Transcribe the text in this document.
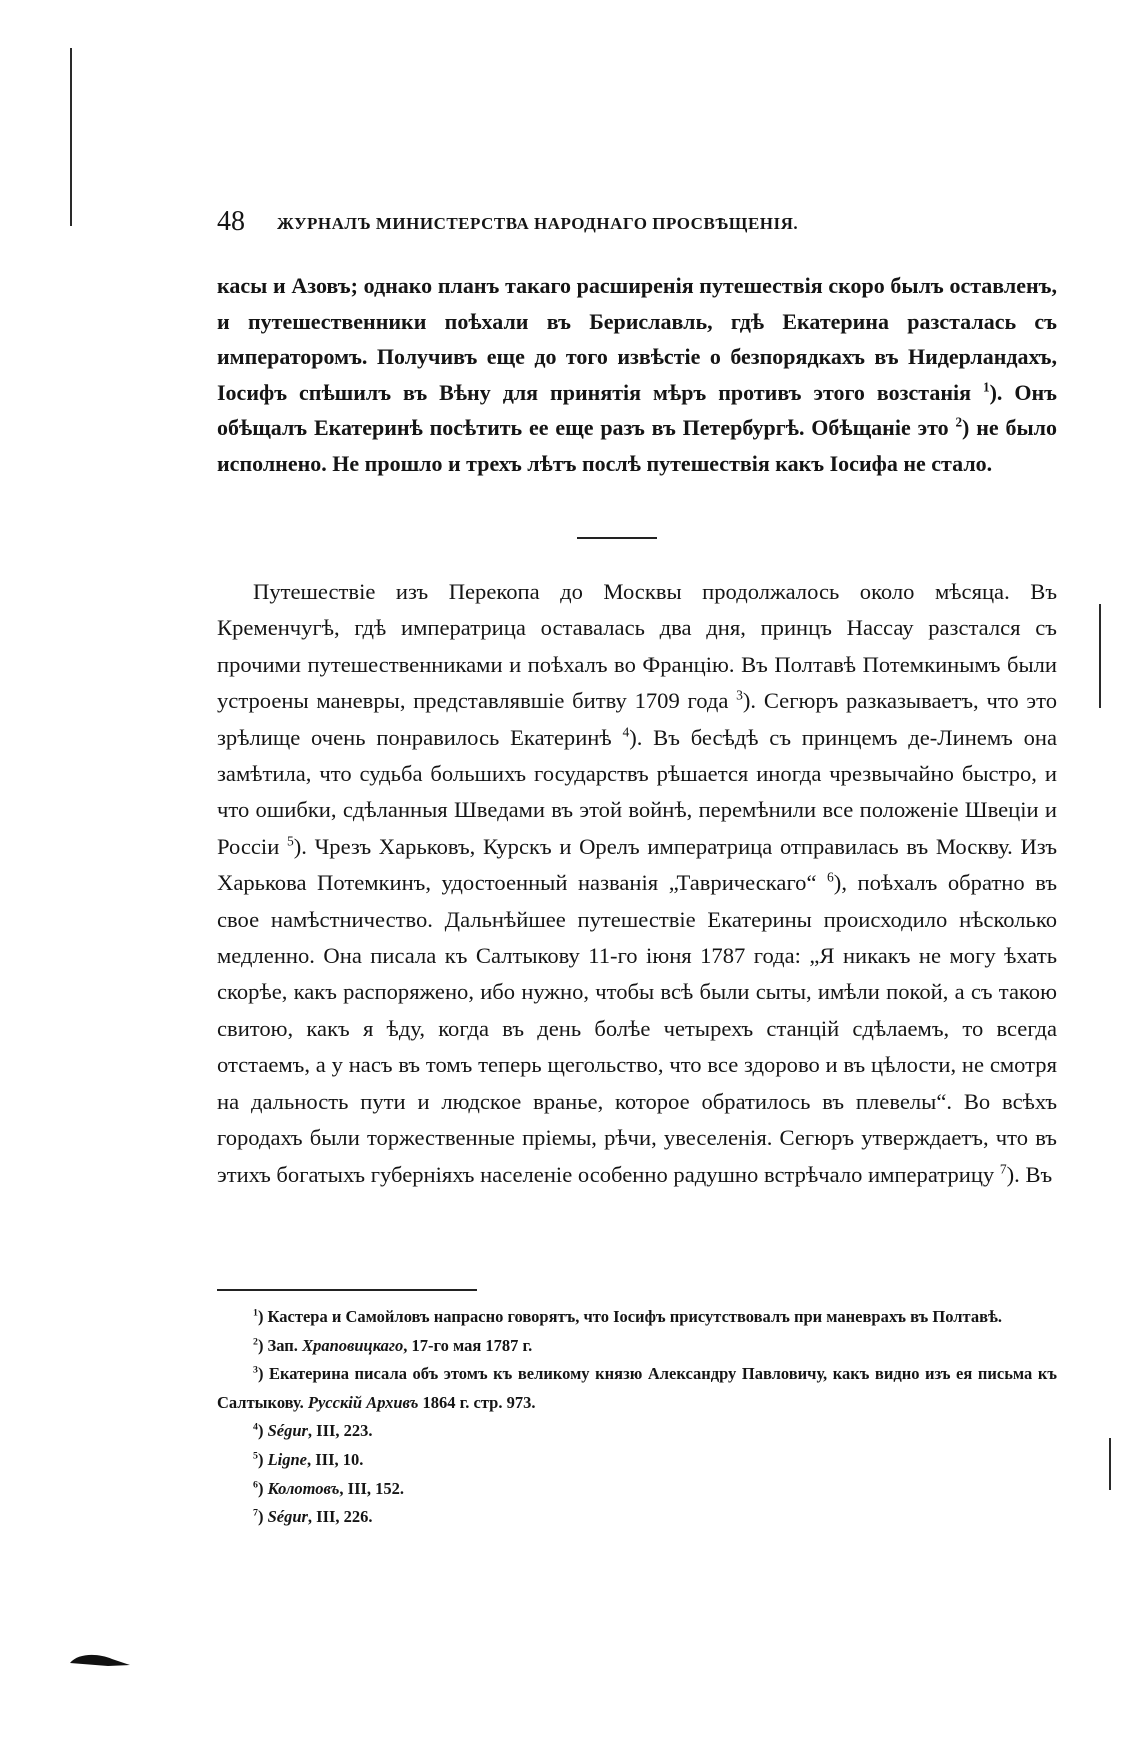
48 ЖУРНАЛЪ МИНИСТЕРСТВА НАРОДНАГО ПРОСВѢЩЕНІЯ.

касы и Азовъ; однако планъ такаго расширенія путешествія скоро былъ оставленъ, и путешественники поѣхали въ Бериславль, гдѣ Екатерина разсталась съ императоромъ. Получивъ еще до того извѣстіе о безпорядкахъ въ Нидерландахъ, Іосифъ спѣшилъ въ Вѣну для принятія мѣръ противъ этого возстанія $^1$). Онъ обѣщалъ Екатеринѣ посѣтить ее еще разъ въ Петербургѣ. Обѣщаніе это $^2$) не было исполнено. Не прошло и трехъ лѣтъ послѣ путешествія какъ Іосифа не стало.

Путешествіе изъ Перекопа до Москвы продолжалось около мѣсяца. Въ Кременчугѣ, гдѣ императрица оставалась два дня, принцъ Нассау разстался съ прочими путешественниками и поѣхалъ во Францію. Въ Полтавѣ Потемкинымъ были устроены маневры, представлявшіе битву 1709 года $^3$). Сегюръ разказываетъ, что это зрѣлище очень понравилось Екатеринѣ $^4$). Въ бесѣдѣ съ принцемъ де-Линемъ она замѣтила, что судьба большихъ государствъ рѣшается иногда чрезвычайно быстро, и что ошибки, сдѣланныя Шведами въ этой войнѣ, перемѣнили все положеніе Швеціи и Россіи $^5$). Чрезъ Харьковъ, Курскъ и Орелъ императрица отправилась въ Москву. Изъ Харькова Потемкинъ, удостоенный названія „Таврическаго“ $^6$), поѣхалъ обратно въ свое намѣстничество. Дальнѣйшее путешествіе Екатерины происходило нѣсколько медленно. Она писала къ Салтыкову 11-го іюня 1787 года: „Я никакъ не могу ѣхать скорѣе, какъ распоряжено, ибо нужно, чтобы всѣ были сыты, имѣли покой, а съ такою свитою, какъ я ѣду, когда въ день болѣе четырехъ станцій сдѣлаемъ, то всегда отстаемъ, а у насъ въ томъ теперь щегольство, что все здорово и въ цѣлости, не смотря на дальность пути и людское вранье, которое обратилось въ плевелы“. Во всѣхъ городахъ были торжественные пріемы, рѣчи, увеселенія. Сегюръ утверждаетъ, что въ этихъ богатыхъ губерніяхъ населеніе особенно радушно встрѣчало императрицу $^7$). Въ

$^1$) Кастера и Самойловъ напрасно говорятъ, что Іосифъ присутствовалъ при маневрахъ въ Полтавѣ.

$^2$) Зап. Храповицкаго, 17-го мая 1787 г.

$^3$) Екатерина писала объ этомъ къ великому князю Александру Павловичу, какъ видно изъ ея письма къ Салтыкову. Русскій Архивъ 1864 г. стр. 973.

$^4$) Ségur, III, 223.

$^5$) Ligne, III, 10.

$^6$) Колотовъ, III, 152.

$^7$) Ségur, III, 226.
